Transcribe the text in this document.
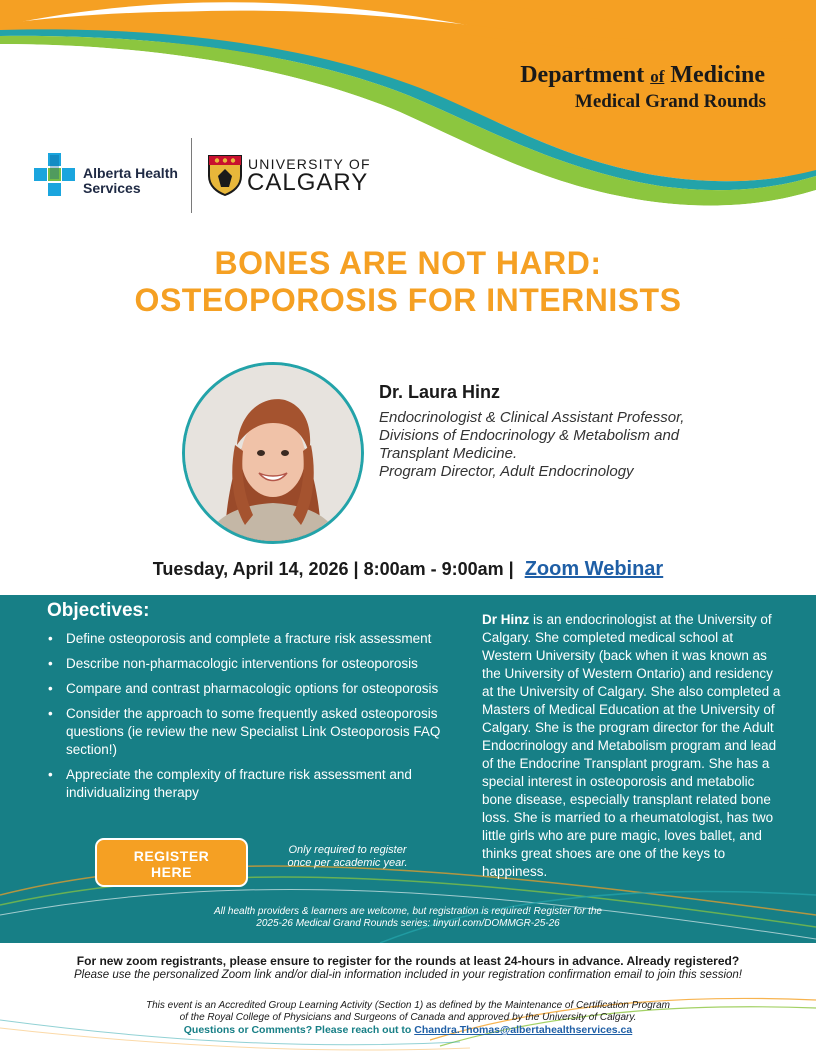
Department of Medicine
Medical Grand Rounds
Alberta Health
Services
UNIVERSITY OF
CALGARY
BONES ARE NOT HARD:
OSTEOPOROSIS FOR INTERNISTS
Dr. Laura Hinz
Endocrinologist & Clinical Assistant Professor,
Divisions of Endocrinology & Metabolism and
Transplant Medicine.
Program Director, Adult Endocrinology
Tuesday, April 14, 2026 | 8:00am - 9:00am | Zoom Webinar
Objectives:
• Define osteoporosis and complete a fracture risk assessment
• Describe non-pharmacologic interventions for osteoporosis
• Compare and contrast pharmacologic options for osteoporosis
• Consider the approach to some frequently asked osteoporosis questions (ie review the new Specialist Link Osteoporosis FAQ section!)
• Appreciate the complexity of fracture risk assessment and individualizing therapy
Dr Hinz is an endocrinologist at the University of Calgary. She completed medical school at Western University (back when it was known as the University of Western Ontario) and residency at the University of Calgary. She also completed a Masters of Medical Education at the University of Calgary. She is the program director for the Adult Endocrinology and Metabolism program and lead of the Endocrine Transplant program. She has a special interest in osteoporosis and metabolic bone disease, especially transplant related bone loss. She is married to a rheumatologist, has two little girls who are pure magic, loves ballet, and thinks great shoes are one of the keys to happiness.
REGISTER
HERE
Only required to register
once per academic year.
All health providers & learners are welcome, but registration is required! Register for the
2025-26 Medical Grand Rounds series: tinyurl.com/DOMMGR-25-26
For new zoom registrants, please ensure to register for the rounds at least 24-hours in advance. Already registered?
Please use the personalized Zoom link and/or dial-in information included in your registration confirmation email to join this session!
This event is an Accredited Group Learning Activity (Section 1) as defined by the Maintenance of Certification Program
of the Royal College of Physicians and Surgeons of Canada and approved by the University of Calgary.
Questions or Comments? Please reach out to Chandra.Thomas@albertahealthservices.ca
